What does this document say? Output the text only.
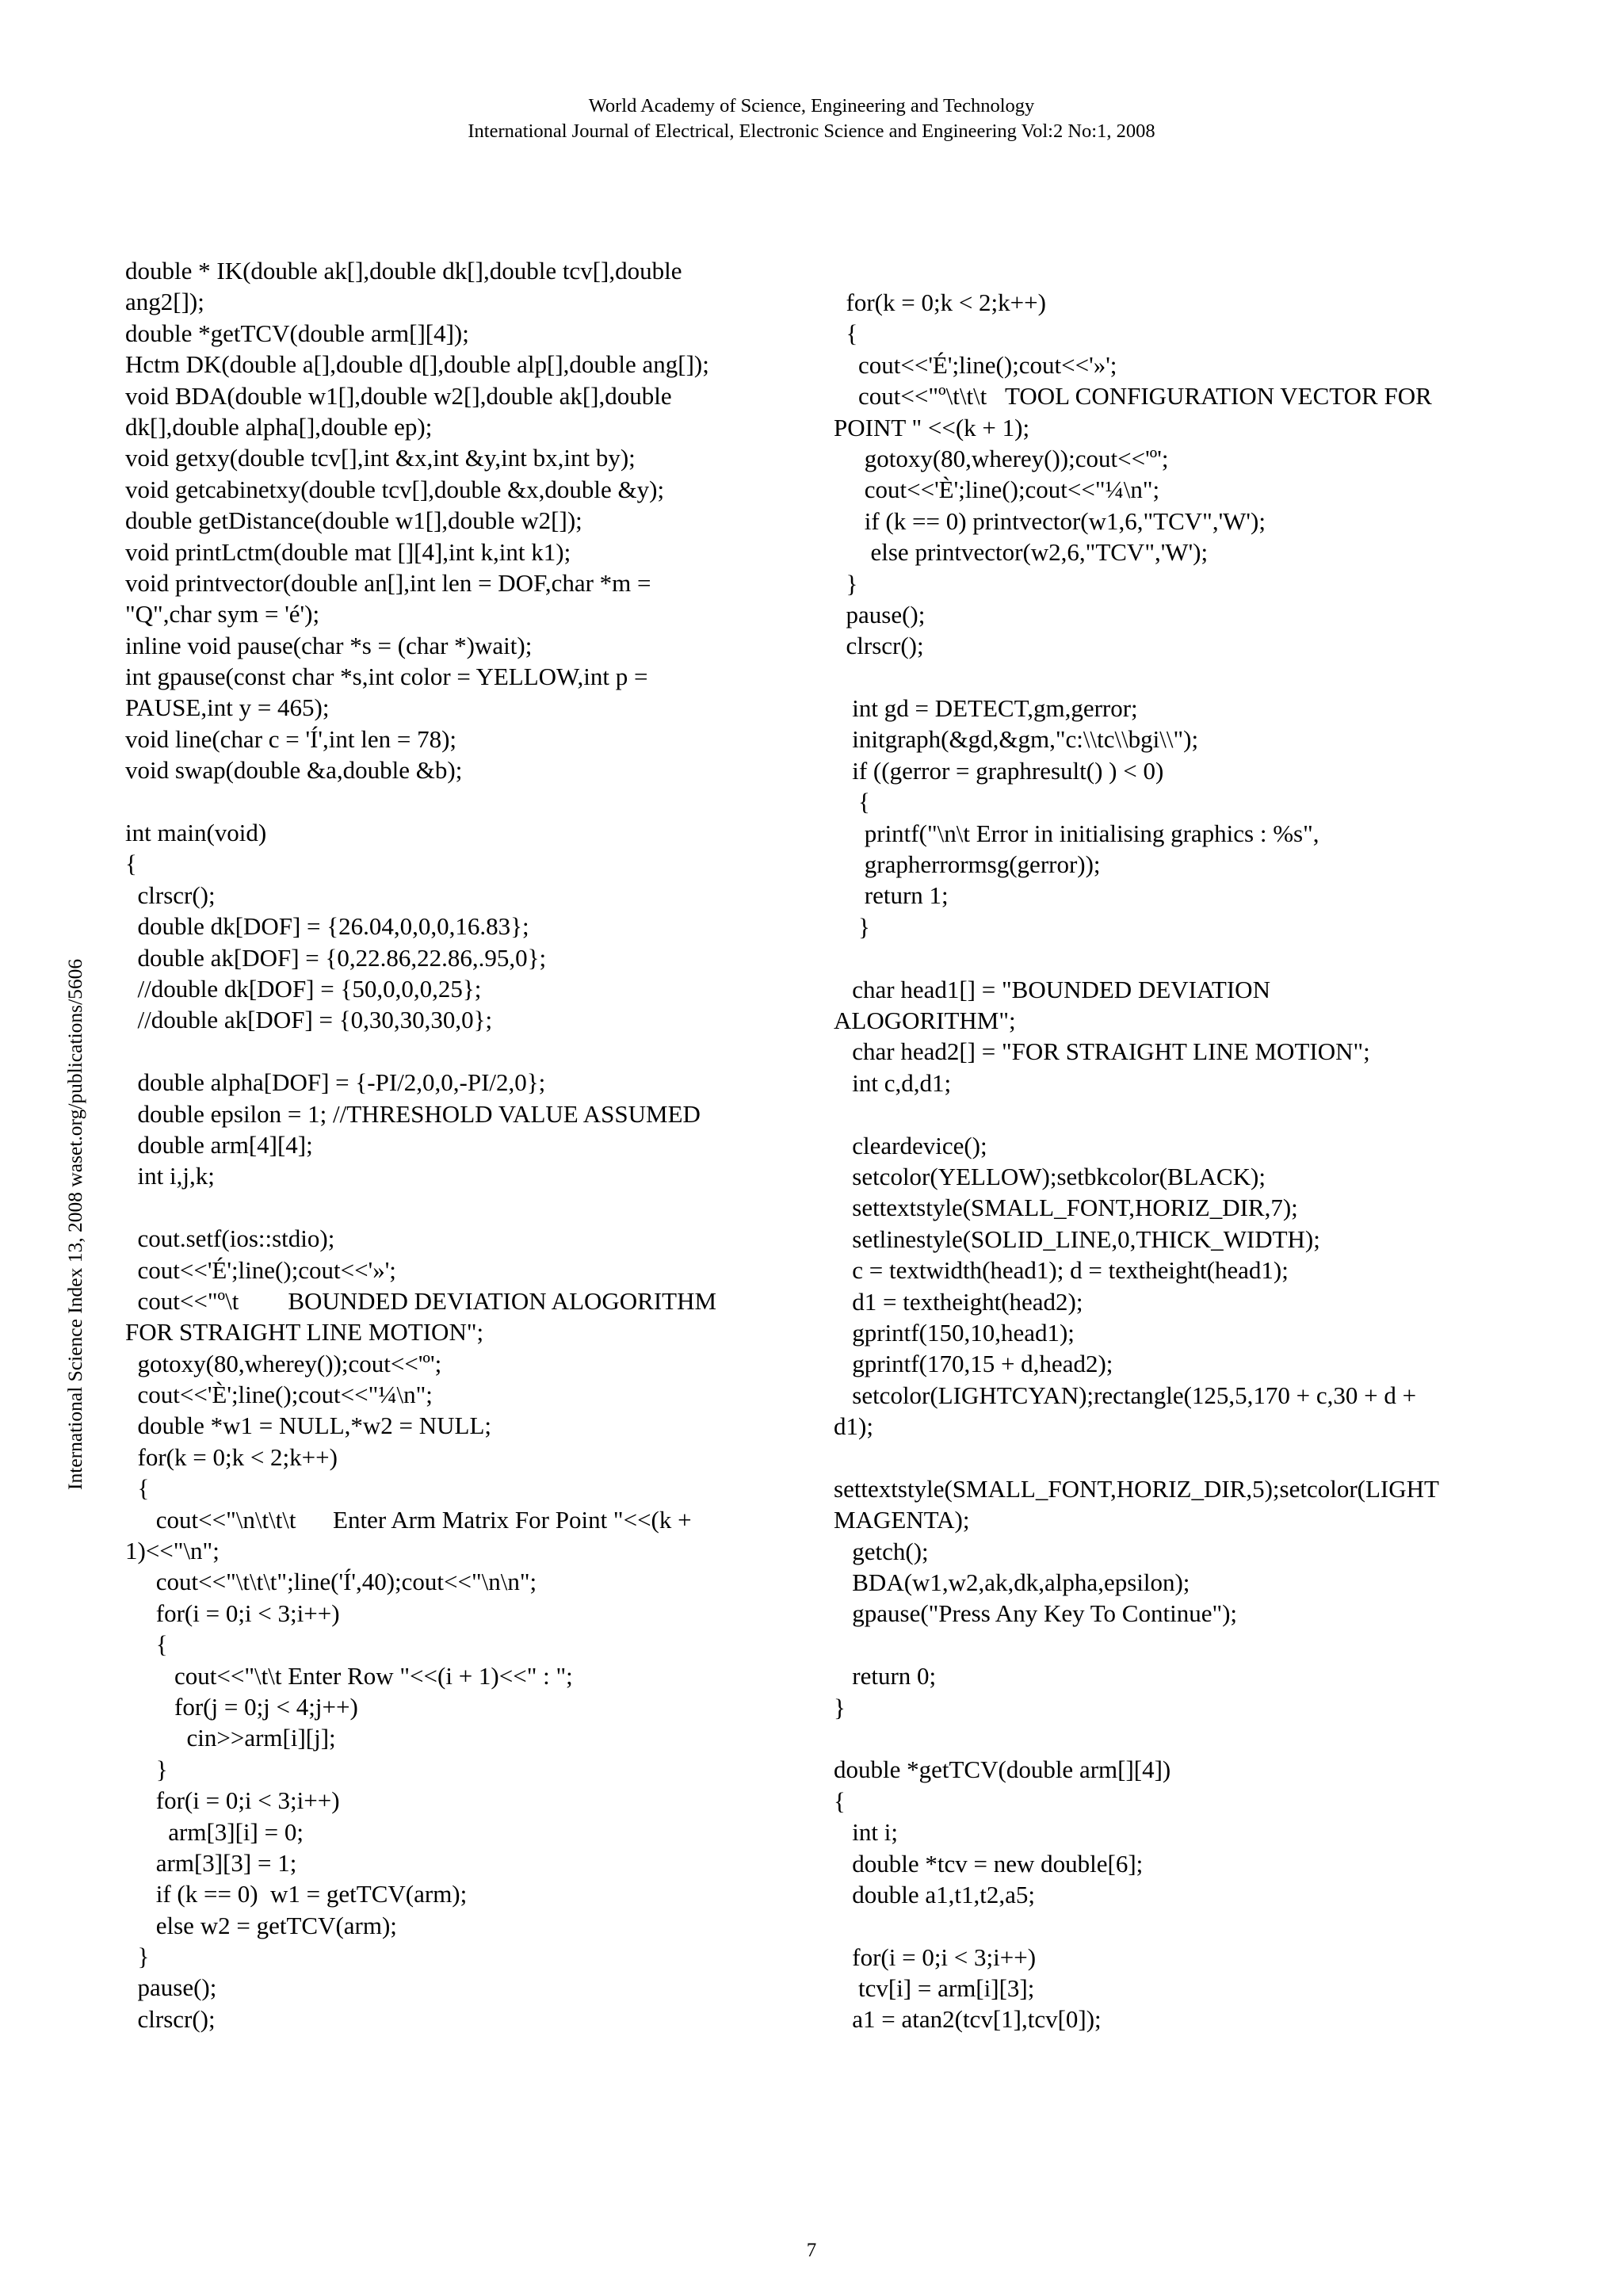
World Academy of Science, Engineering and Technology
International Journal of Electrical, Electronic Science and Engineering Vol:2 No:1, 2008
International Science Index 13, 2008 waset.org/publications/5606
double * IK(double ak[],double dk[],double tcv[],double
ang2[]);
double *getTCV(double arm[][4]);
Hctm DK(double a[],double d[],double alp[],double ang[]);
void BDA(double w1[],double w2[],double ak[],double
dk[],double alpha[],double ep);
void getxy(double tcv[],int &x,int &y,int bx,int by);
void getcabinetxy(double tcv[],double &x,double &y);
double getDistance(double w1[],double w2[]);
void printLctm(double mat [][4],int k,int k1);
void printvector(double an[],int len = DOF,char *m =
"Q",char sym = 'é');
inline void pause(char *s = (char *)wait);
int gpause(const char *s,int color = YELLOW,int p =
PAUSE,int y = 465);
void line(char c = 'Í',int len = 78);
void swap(double &a,double &b);
int main(void)
{
clrscr();
double dk[DOF] = {26.04,0,0,0,16.83};
double ak[DOF] = {0,22.86,22.86,.95,0};
//double dk[DOF] = {50,0,0,0,25};
//double ak[DOF] = {0,30,30,30,0};
double alpha[DOF] = {-PI/2,0,0,-PI/2,0};
double epsilon = 1; //THRESHOLD VALUE ASSUMED
double arm[4][4];
int i,j,k;
cout.setf(ios::stdio);
cout<<'É';line();cout<<'»';
cout<<"º\t        BOUNDED DEVIATION ALOGORITHM
FOR STRAIGHT LINE MOTION";
gotoxy(80,wherey());cout<<'º';
cout<<'È';line();cout<<"¼\n";
double *w1 = NULL,*w2 = NULL;
for(k = 0;k < 2;k++)
{
cout<<"\n\t\t\t      Enter Arm Matrix For Point "<<(k +
1)<<"\n";
cout<<"\t\t\t";line('Í',40);cout<<"\n\n";
for(i = 0;i < 3;i++)
{
cout<<"\t\t Enter Row "<<(i + 1)<<" : ";
for(j = 0;j < 4;j++)
cin>>arm[i][j];
}
for(i = 0;i < 3;i++)
arm[3][i] = 0;
arm[3][3] = 1;
if (k == 0)  w1 = getTCV(arm);
else w2 = getTCV(arm);
}
pause();
clrscr();
for(k = 0;k < 2;k++)
{
cout<<'É';line();cout<<'»';
cout<<"º\t\t\t   TOOL CONFIGURATION VECTOR FOR
POINT " <<(k + 1);
gotoxy(80,wherey());cout<<'º';
cout<<'È';line();cout<<"¼\n";
if (k == 0) printvector(w1,6,"TCV",'W');
else printvector(w2,6,"TCV",'W');
}
pause();
clrscr();
int gd = DETECT,gm,gerror;
initgraph(&gd,&gm,"c:\\tc\\bgi\\");
if ((gerror = graphresult() ) < 0)
{
printf("\n\t Error in initialising graphics : %s",
grapherrormsg(gerror));
return 1;
}
char head1[] = "BOUNDED DEVIATION
ALOGORITHM";
char head2[] = "FOR STRAIGHT LINE MOTION";
int c,d,d1;
cleardevice();
setcolor(YELLOW);setbkcolor(BLACK);
settextstyle(SMALL_FONT,HORIZ_DIR,7);
setlinestyle(SOLID_LINE,0,THICK_WIDTH);
c = textwidth(head1); d = textheight(head1);
d1 = textheight(head2);
gprintf(150,10,head1);
gprintf(170,15 + d,head2);
setcolor(LIGHTCYAN);rectangle(125,5,170 + c,30 + d +
d1);
settextstyle(SMALL_FONT,HORIZ_DIR,5);setcolor(LIGHT
MAGENTA);
getch();
BDA(w1,w2,ak,dk,alpha,epsilon);
gpause("Press Any Key To Continue");
return 0;
}
double *getTCV(double arm[][4])
{
int i;
double *tcv = new double[6];
double a1,t1,t2,a5;
for(i = 0;i < 3;i++)
tcv[i] = arm[i][3];
a1 = atan2(tcv[1],tcv[0]);
7
